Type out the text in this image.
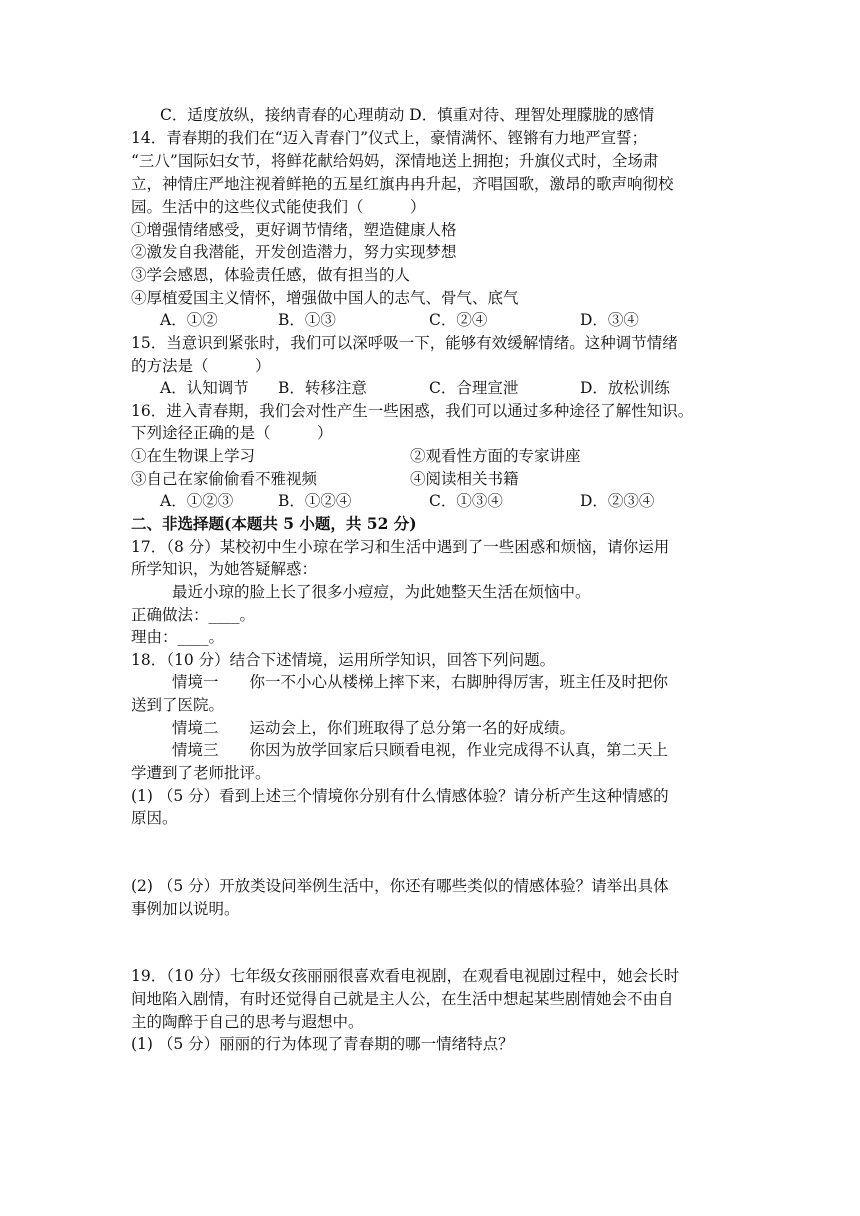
C．适度放纵，接纳青春的心理萌动 D．慎重对待、理智处理朦胧的感情
14．青春期的我们在“迈入青春门”仪式上，豪情满怀、铿锵有力地严宣誓；
“三八”国际妇女节，将鲜花献给妈妈，深情地送上拥抱；升旗仪式时，全场肃
立，神情庄严地注视着鲜艳的五星红旗冉冉升起，齐唱国歌，激昂的歌声响彻校
园。生活中的这些仪式能使我们（　　　）
①增强情绪感受，更好调节情绪，塑造健康人格
②激发自我潜能，开发创造潜力，努力实现梦想
③学会感恩，体验责任感，做有担当的人
④厚植爱国主义情怀，增强做中国人的志气、骨气、底气
A．①②	B．①③	C．②④	D．③④
15．当意识到紧张时，我们可以深呼吸一下，能够有效缓解情绪。这种调节情绪
的方法是（　　　）
A．认知调节 B．转移注意	C．合理宣泄	D．放松训练
16．进入青春期，我们会对性产生一些困惑，我们可以通过多种途径了解性知识。
下列途径正确的是（　　　）
①在生物课上学习	②观看性方面的专家讲座
③自己在家偷偷看不雅视频	④阅读相关书籍
A．①②③	B．①②④	C．①③④	D．②③④
二、非选择题(本题共 5 小题，共 52 分)
17．（8 分）某校初中生小琼在学习和生活中遇到了一些困惑和烦恼，请你运用
所学知识，为她答疑解惑：
最近小琼的脸上长了很多小痘痘，为此她整天生活在烦恼中。
正确做法：____。
理由：____。
18．（10 分）结合下述情境，运用所学知识，回答下列问题。
情境一　　你一不小心从楼梯上摔下来，右脚肿得厉害，班主任及时把你
送到了医院。
情境二　　运动会上，你们班取得了总分第一名的好成绩。
情境三　　你因为放学回家后只顾看电视，作业完成得不认真，第二天上
学遭到了老师批评。
(1) （5 分）看到上述三个情境你分别有什么情感体验？请分析产生这种情感的
原因。
(2) （5 分）开放类设问举例生活中，你还有哪些类似的情感体验？请举出具体
事例加以说明。
19．（10 分）七年级女孩丽丽很喜欢看电视剧，在观看电视剧过程中，她会长时
间地陷入剧情，有时还觉得自己就是主人公，在生活中想起某些剧情她会不由自
主的陶醉于自己的思考与遐想中。
(1) （5 分）丽丽的行为体现了青春期的哪一情绪特点？
